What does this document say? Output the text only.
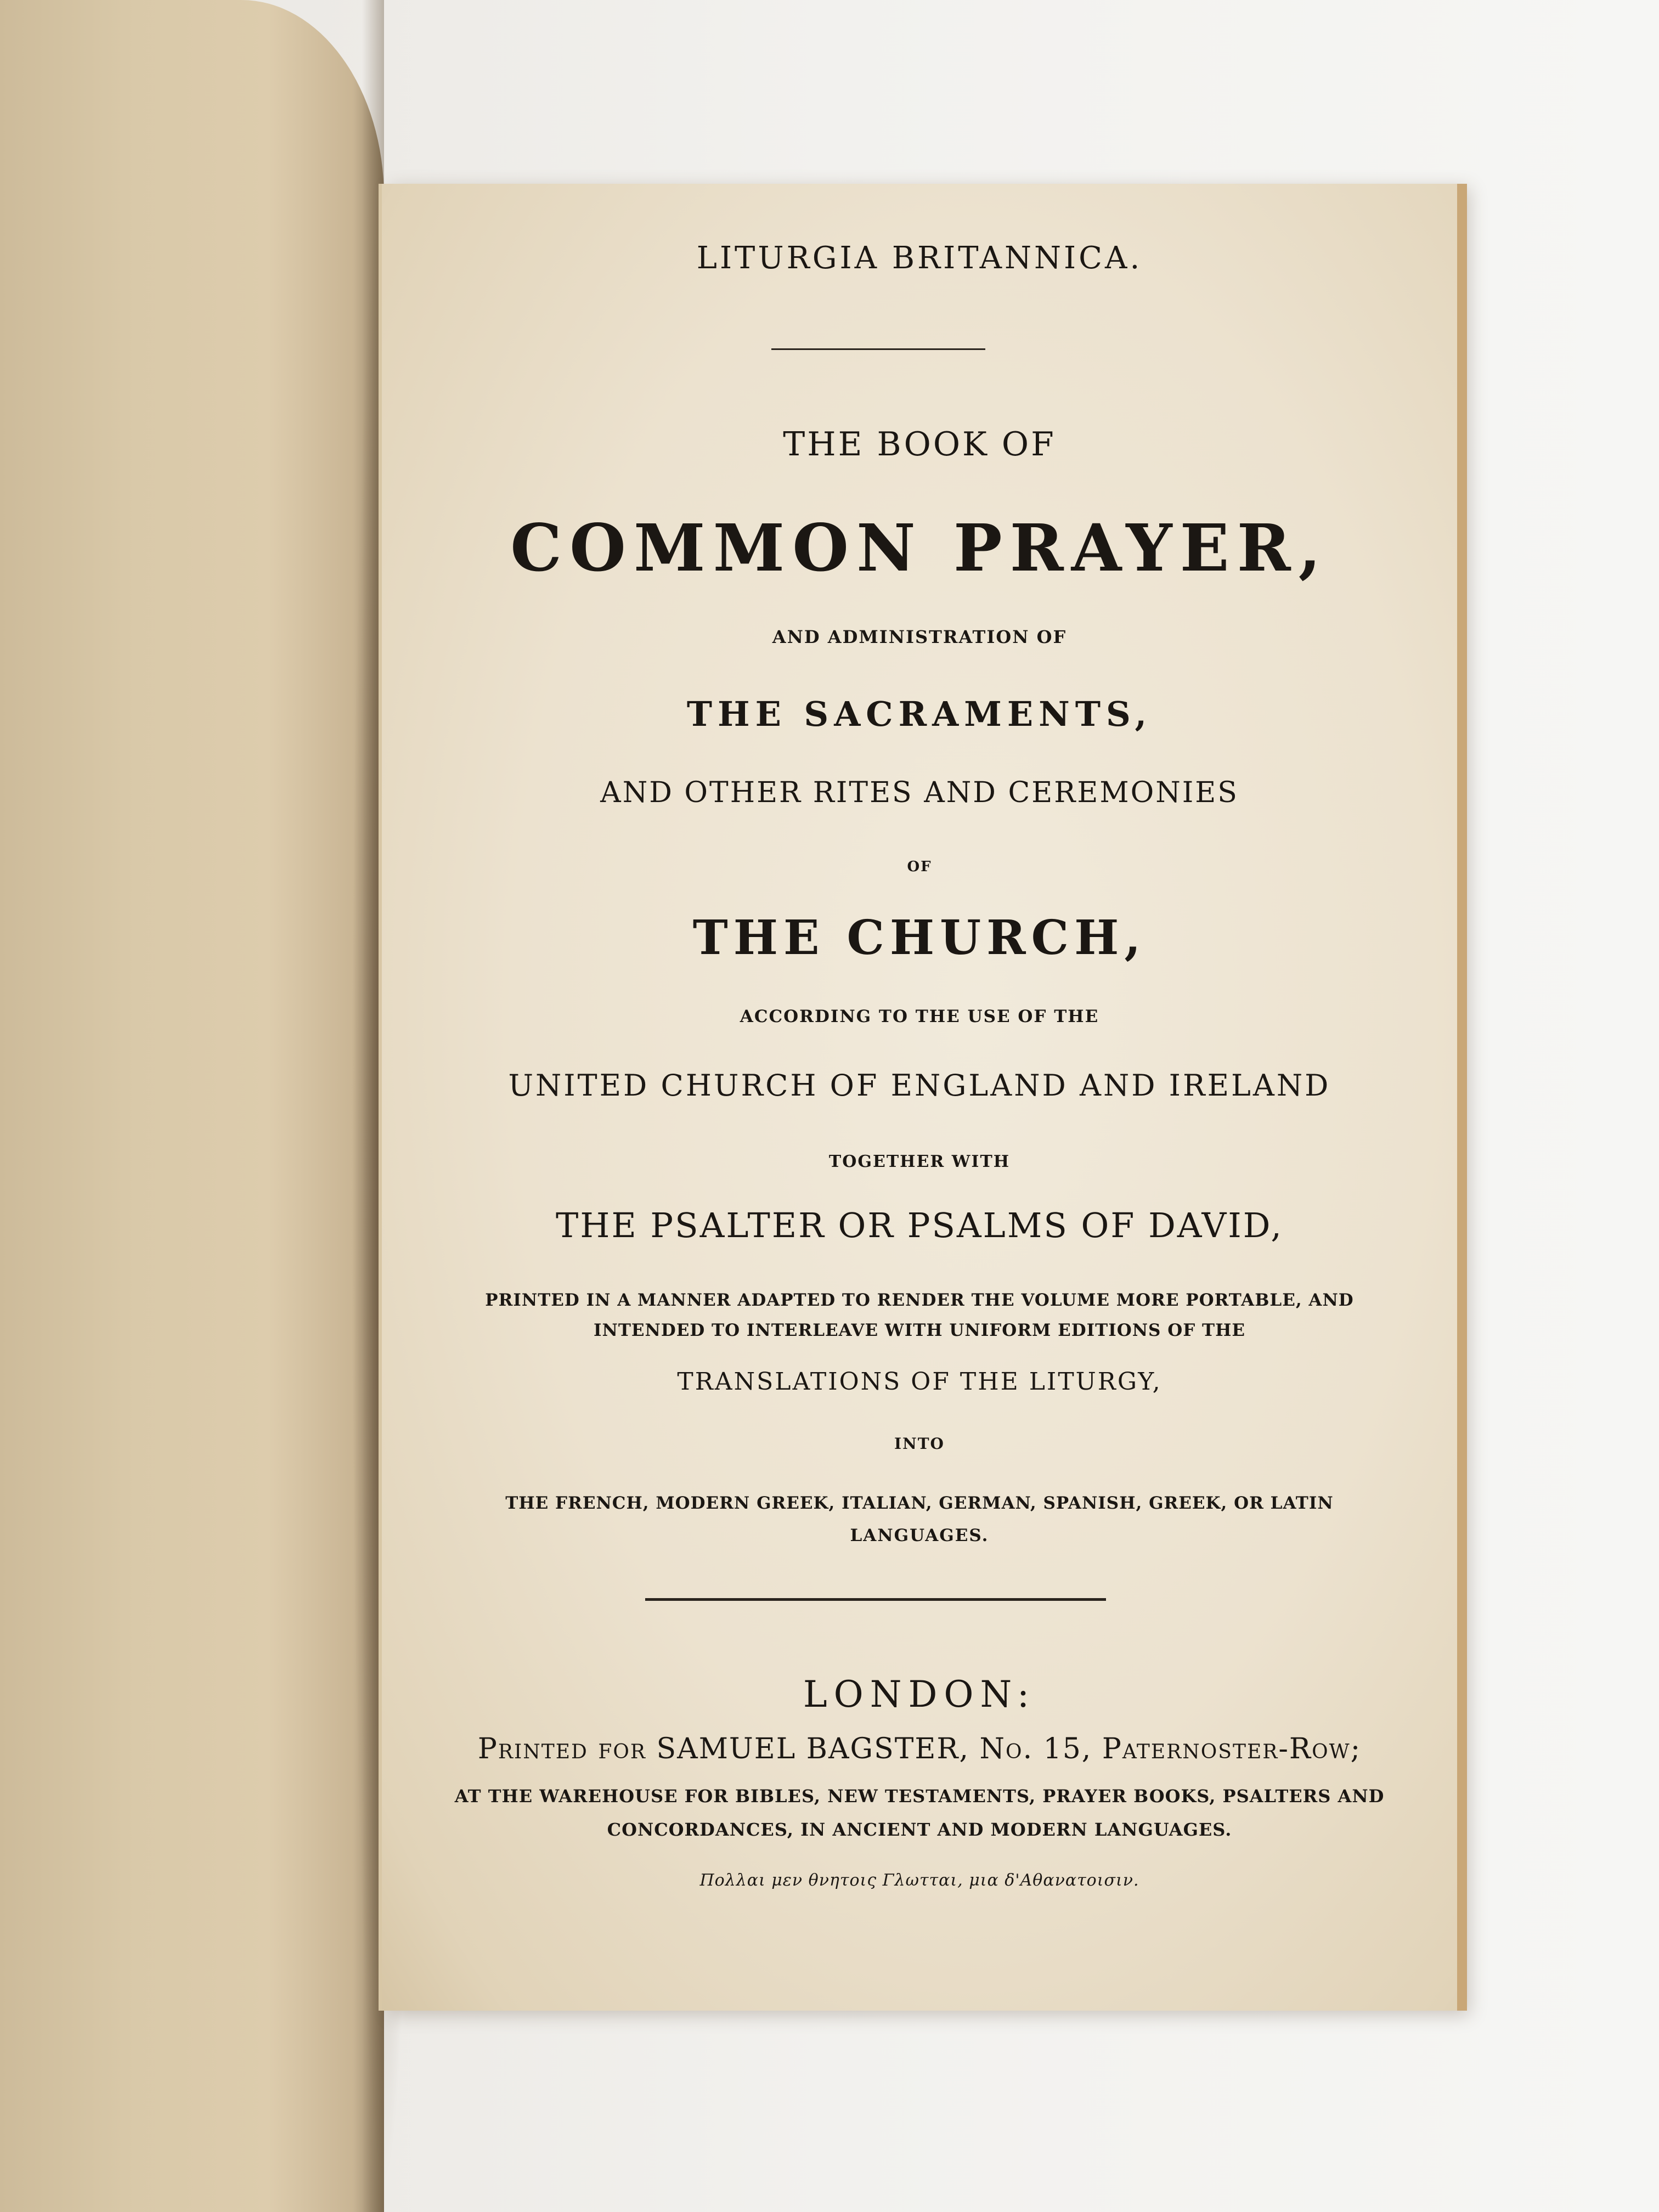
LITURGIA BRITANNICA.
THE BOOK OF
COMMON PRAYER,
AND ADMINISTRATION OF
THE SACRAMENTS,
AND OTHER RITES AND CEREMONIES
OF
THE CHURCH,
ACCORDING TO THE USE OF THE
UNITED CHURCH OF ENGLAND AND IRELAND
TOGETHER WITH
THE PSALTER OR PSALMS OF DAVID,
PRINTED IN A MANNER ADAPTED TO RENDER THE VOLUME MORE PORTABLE, AND
INTENDED TO INTERLEAVE WITH UNIFORM EDITIONS OF THE
TRANSLATIONS OF THE LITURGY,
INTO
THE FRENCH, MODERN GREEK, ITALIAN, GERMAN, SPANISH, GREEK, OR LATIN
LANGUAGES.
LONDON:
Printed for SAMUEL BAGSTER, No. 15, Paternoster-Row;
AT THE WAREHOUSE FOR BIBLES, NEW TESTAMENTS, PRAYER BOOKS, PSALTERS AND
CONCORDANCES, IN ANCIENT AND MODERN LANGUAGES.
Πολλαι μεν θνητοις Γλωτται, μια δ'Αθανατοισιν.
